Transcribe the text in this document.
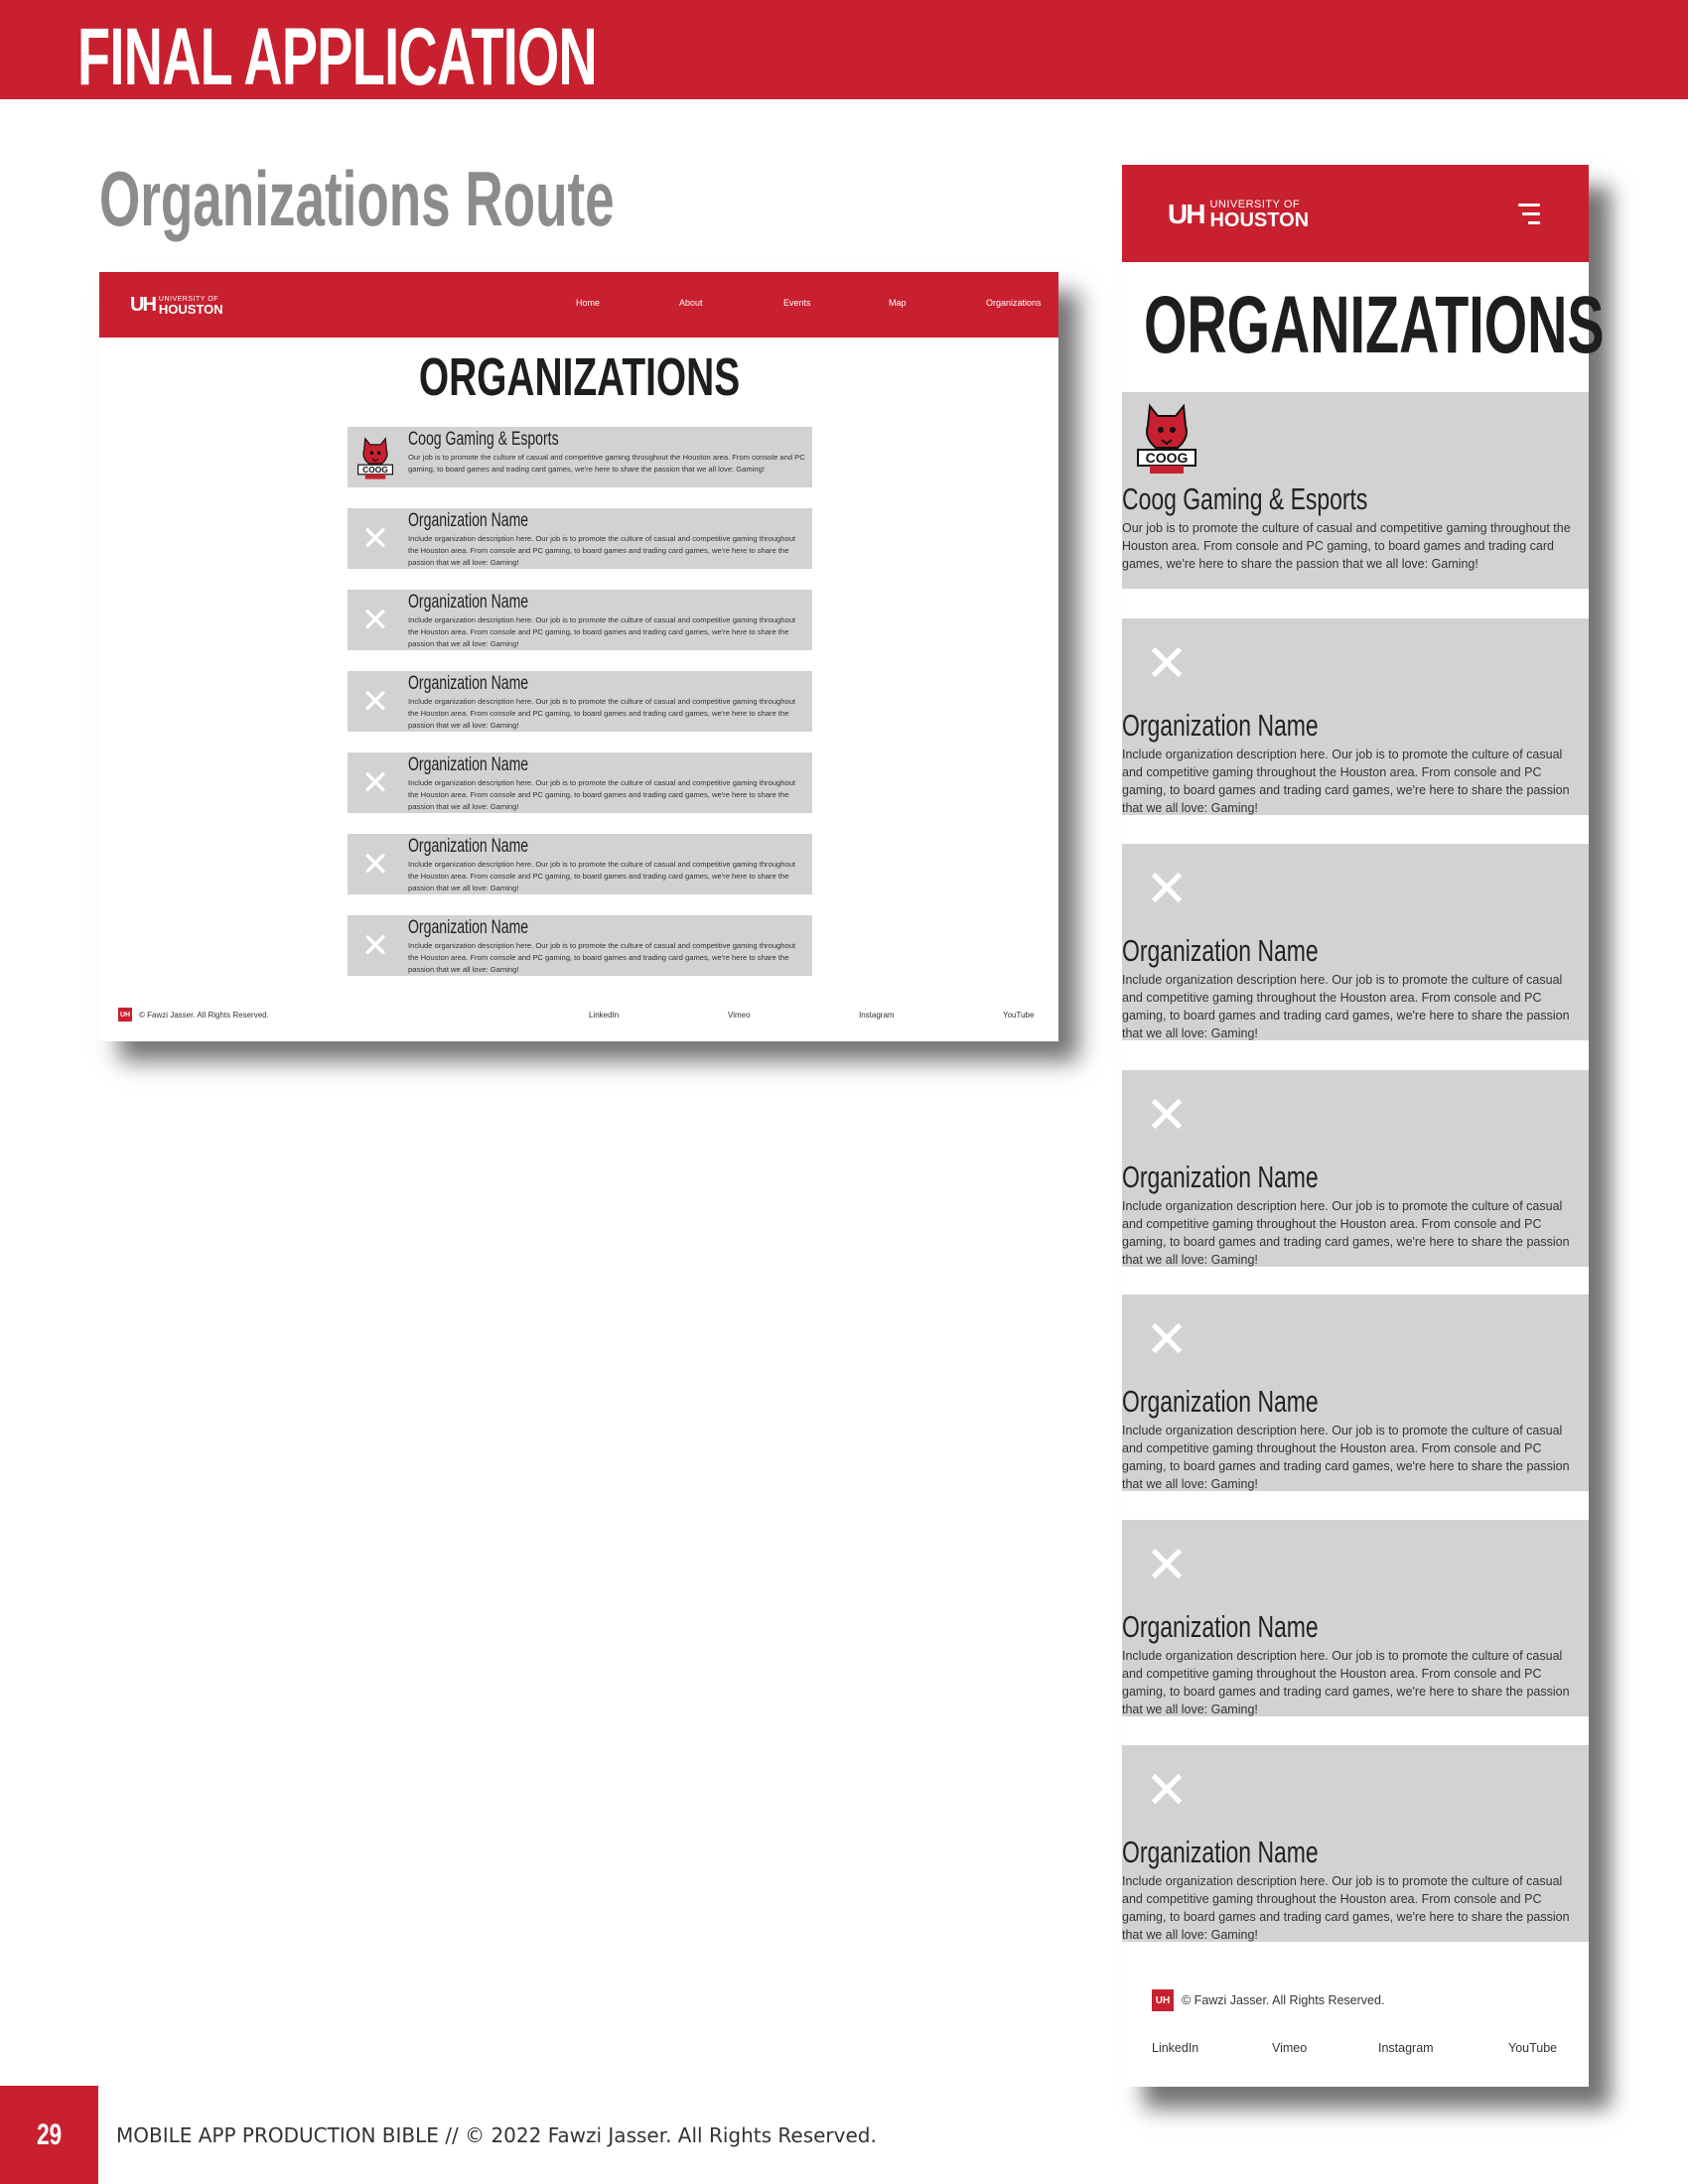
FINAL APPLICATION
Organizations Route
UH UNIVERSITY OF
HOUSTON	Home	About	Events	Map	Organizations
ORGANIZATIONS
COOG
Coog Gaming & Esports
Our job is to promote the culture of casual and competitive gaming throughout the Houston area. From console and PC gaming, to board games and trading card games, we're here to share the passion that we all love: Gaming!
✕ Organization Name
Include organization description here. Our job is to promote the culture of casual and competitive gaming throughout the Houston area. From console and PC gaming, to board games and trading card games, we're here to share the passion that we all love: Gaming!
✕ Organization Name
Include organization description here. Our job is to promote the culture of casual and competitive gaming throughout the Houston area. From console and PC gaming, to board games and trading card games, we're here to share the passion that we all love: Gaming!
✕ Organization Name
Include organization description here. Our job is to promote the culture of casual and competitive gaming throughout the Houston area. From console and PC gaming, to board games and trading card games, we're here to share the passion that we all love: Gaming!
✕ Organization Name
Include organization description here. Our job is to promote the culture of casual and competitive gaming throughout the Houston area. From console and PC gaming, to board games and trading card games, we're here to share the passion that we all love: Gaming!
✕ Organization Name
Include organization description here. Our job is to promote the culture of casual and competitive gaming throughout the Houston area. From console and PC gaming, to board games and trading card games, we're here to share the passion that we all love: Gaming!
✕ Organization Name
Include organization description here. Our job is to promote the culture of casual and competitive gaming throughout the Houston area. From console and PC gaming, to board games and trading card games, we're here to share the passion that we all love: Gaming!
UH © Fawzi Jasser. All Rights Reserved.	LinkedIn	Vimeo	Instagram	YouTube
UH UNIVERSITY OF
HOUSTON
ORGANIZATIONS
COOG
Coog Gaming & Esports
Our job is to promote the culture of casual and competitive gaming throughout the Houston area. From console and PC gaming, to board games and trading card games, we're here to share the passion that we all love: Gaming!
✕
Organization Name
Include organization description here. Our job is to promote the culture of casual and competitive gaming throughout the Houston area. From console and PC gaming, to board games and trading card games, we're here to share the passion that we all love: Gaming!
✕
Organization Name
Include organization description here. Our job is to promote the culture of casual and competitive gaming throughout the Houston area. From console and PC gaming, to board games and trading card games, we're here to share the passion that we all love: Gaming!
✕
Organization Name
Include organization description here. Our job is to promote the culture of casual and competitive gaming throughout the Houston area. From console and PC gaming, to board games and trading card games, we're here to share the passion that we all love: Gaming!
✕
Organization Name
Include organization description here. Our job is to promote the culture of casual and competitive gaming throughout the Houston area. From console and PC gaming, to board games and trading card games, we're here to share the passion that we all love: Gaming!
✕
Organization Name
Include organization description here. Our job is to promote the culture of casual and competitive gaming throughout the Houston area. From console and PC gaming, to board games and trading card games, we're here to share the passion that we all love: Gaming!
✕
Organization Name
Include organization description here. Our job is to promote the culture of casual and competitive gaming throughout the Houston area. From console and PC gaming, to board games and trading card games, we're here to share the passion that we all love: Gaming!
UH © Fawzi Jasser. All Rights Reserved.
LinkedIn	Vimeo	Instagram	YouTube
29	MOBILE APP PRODUCTION BIBLE // © 2022 Fawzi Jasser. All Rights Reserved.
